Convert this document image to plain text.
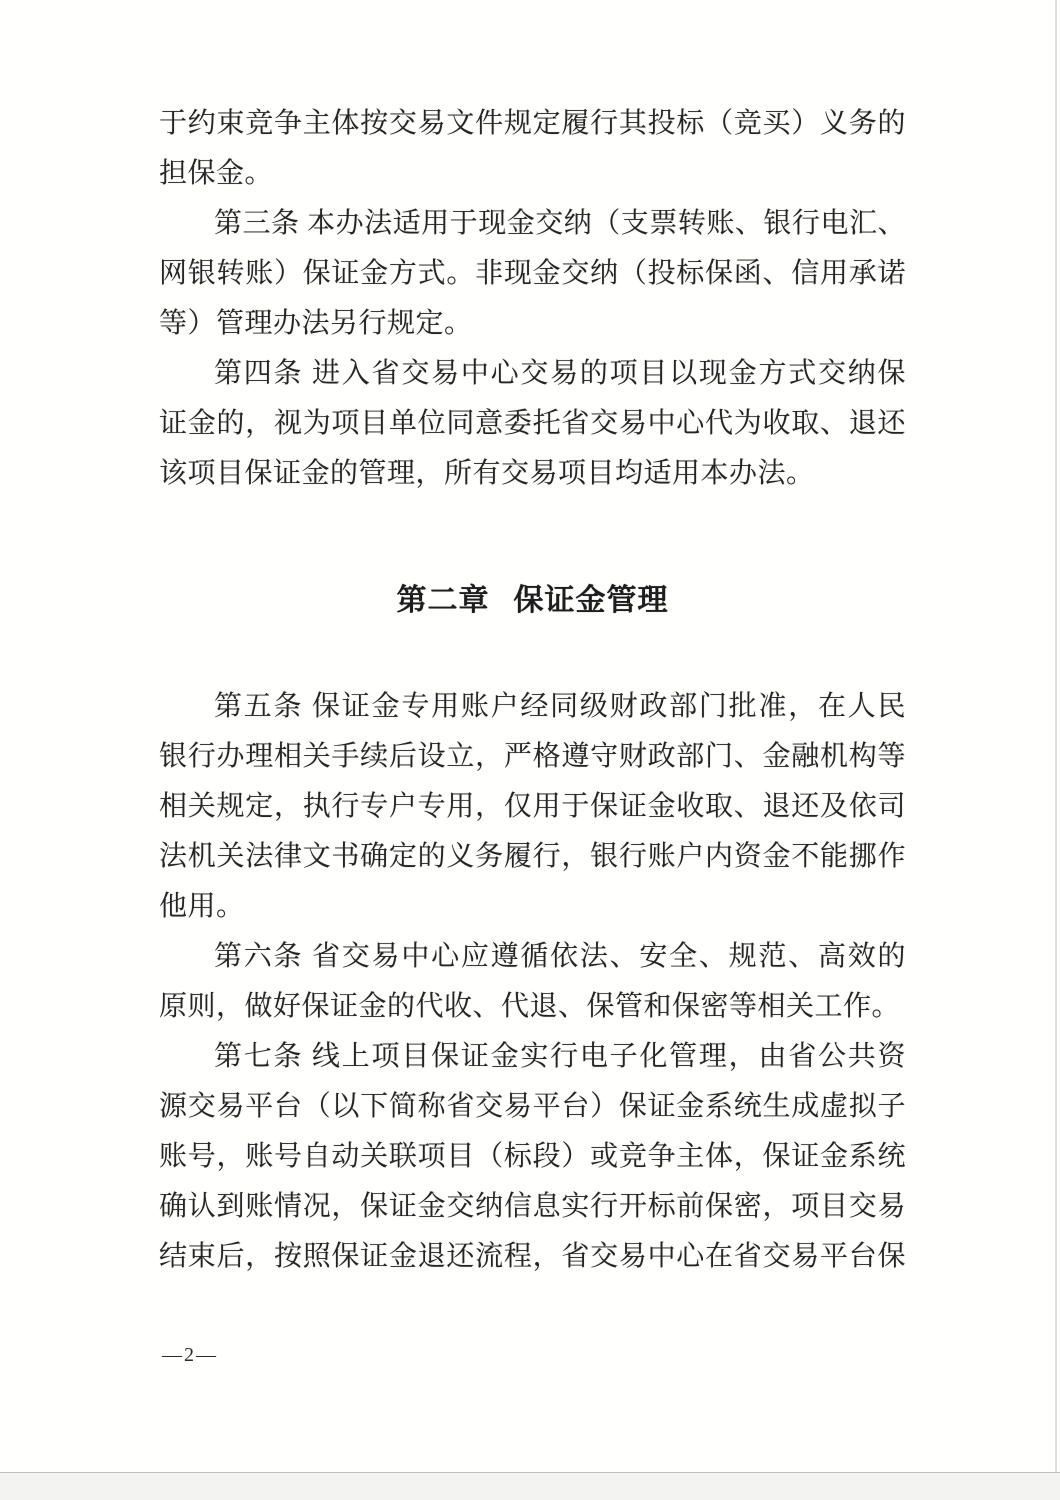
于约束竞争主体按交易文件规定履行其投标（竞买）义务的
担保金。
第三条 本办法适用于现金交纳（支票转账、银行电汇、
网银转账）保证金方式。非现金交纳（投标保函、信用承诺
等）管理办法另行规定。
第四条 进入省交易中心交易的项目以现金方式交纳保
证金的，视为项目单位同意委托省交易中心代为收取、退还
该项目保证金的管理，所有交易项目均适用本办法。
第二章 保证金管理
第五条 保证金专用账户经同级财政部门批准，在人民
银行办理相关手续后设立，严格遵守财政部门、金融机构等
相关规定，执行专户专用，仅用于保证金收取、退还及依司
法机关法律文书确定的义务履行，银行账户内资金不能挪作
他用。
第六条 省交易中心应遵循依法、安全、规范、高效的
原则，做好保证金的代收、代退、保管和保密等相关工作。
第七条 线上项目保证金实行电子化管理，由省公共资
源交易平台（以下简称省交易平台）保证金系统生成虚拟子
账号，账号自动关联项目（标段）或竞争主体，保证金系统
确认到账情况，保证金交纳信息实行开标前保密，项目交易
结束后，按照保证金退还流程，省交易中心在省交易平台保
—2—
